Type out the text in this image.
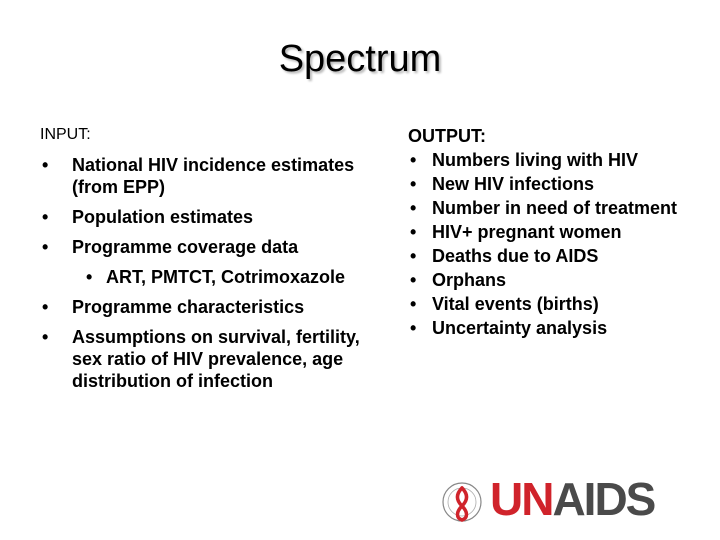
Spectrum
INPUT:
• National HIV incidence estimates (from EPP)
• Population estimates
• Programme coverage data
• ART, PMTCT, Cotrimoxazole
• Programme characteristics
• Assumptions on survival, fertility, sex ratio of HIV prevalence, age distribution of infection
OUTPUT:
• Numbers living with HIV
• New HIV infections
• Number in need of treatment
• HIV+ pregnant women
• Deaths due to AIDS
• Orphans
• Vital events (births)
• Uncertainty analysis
UNAIDS
